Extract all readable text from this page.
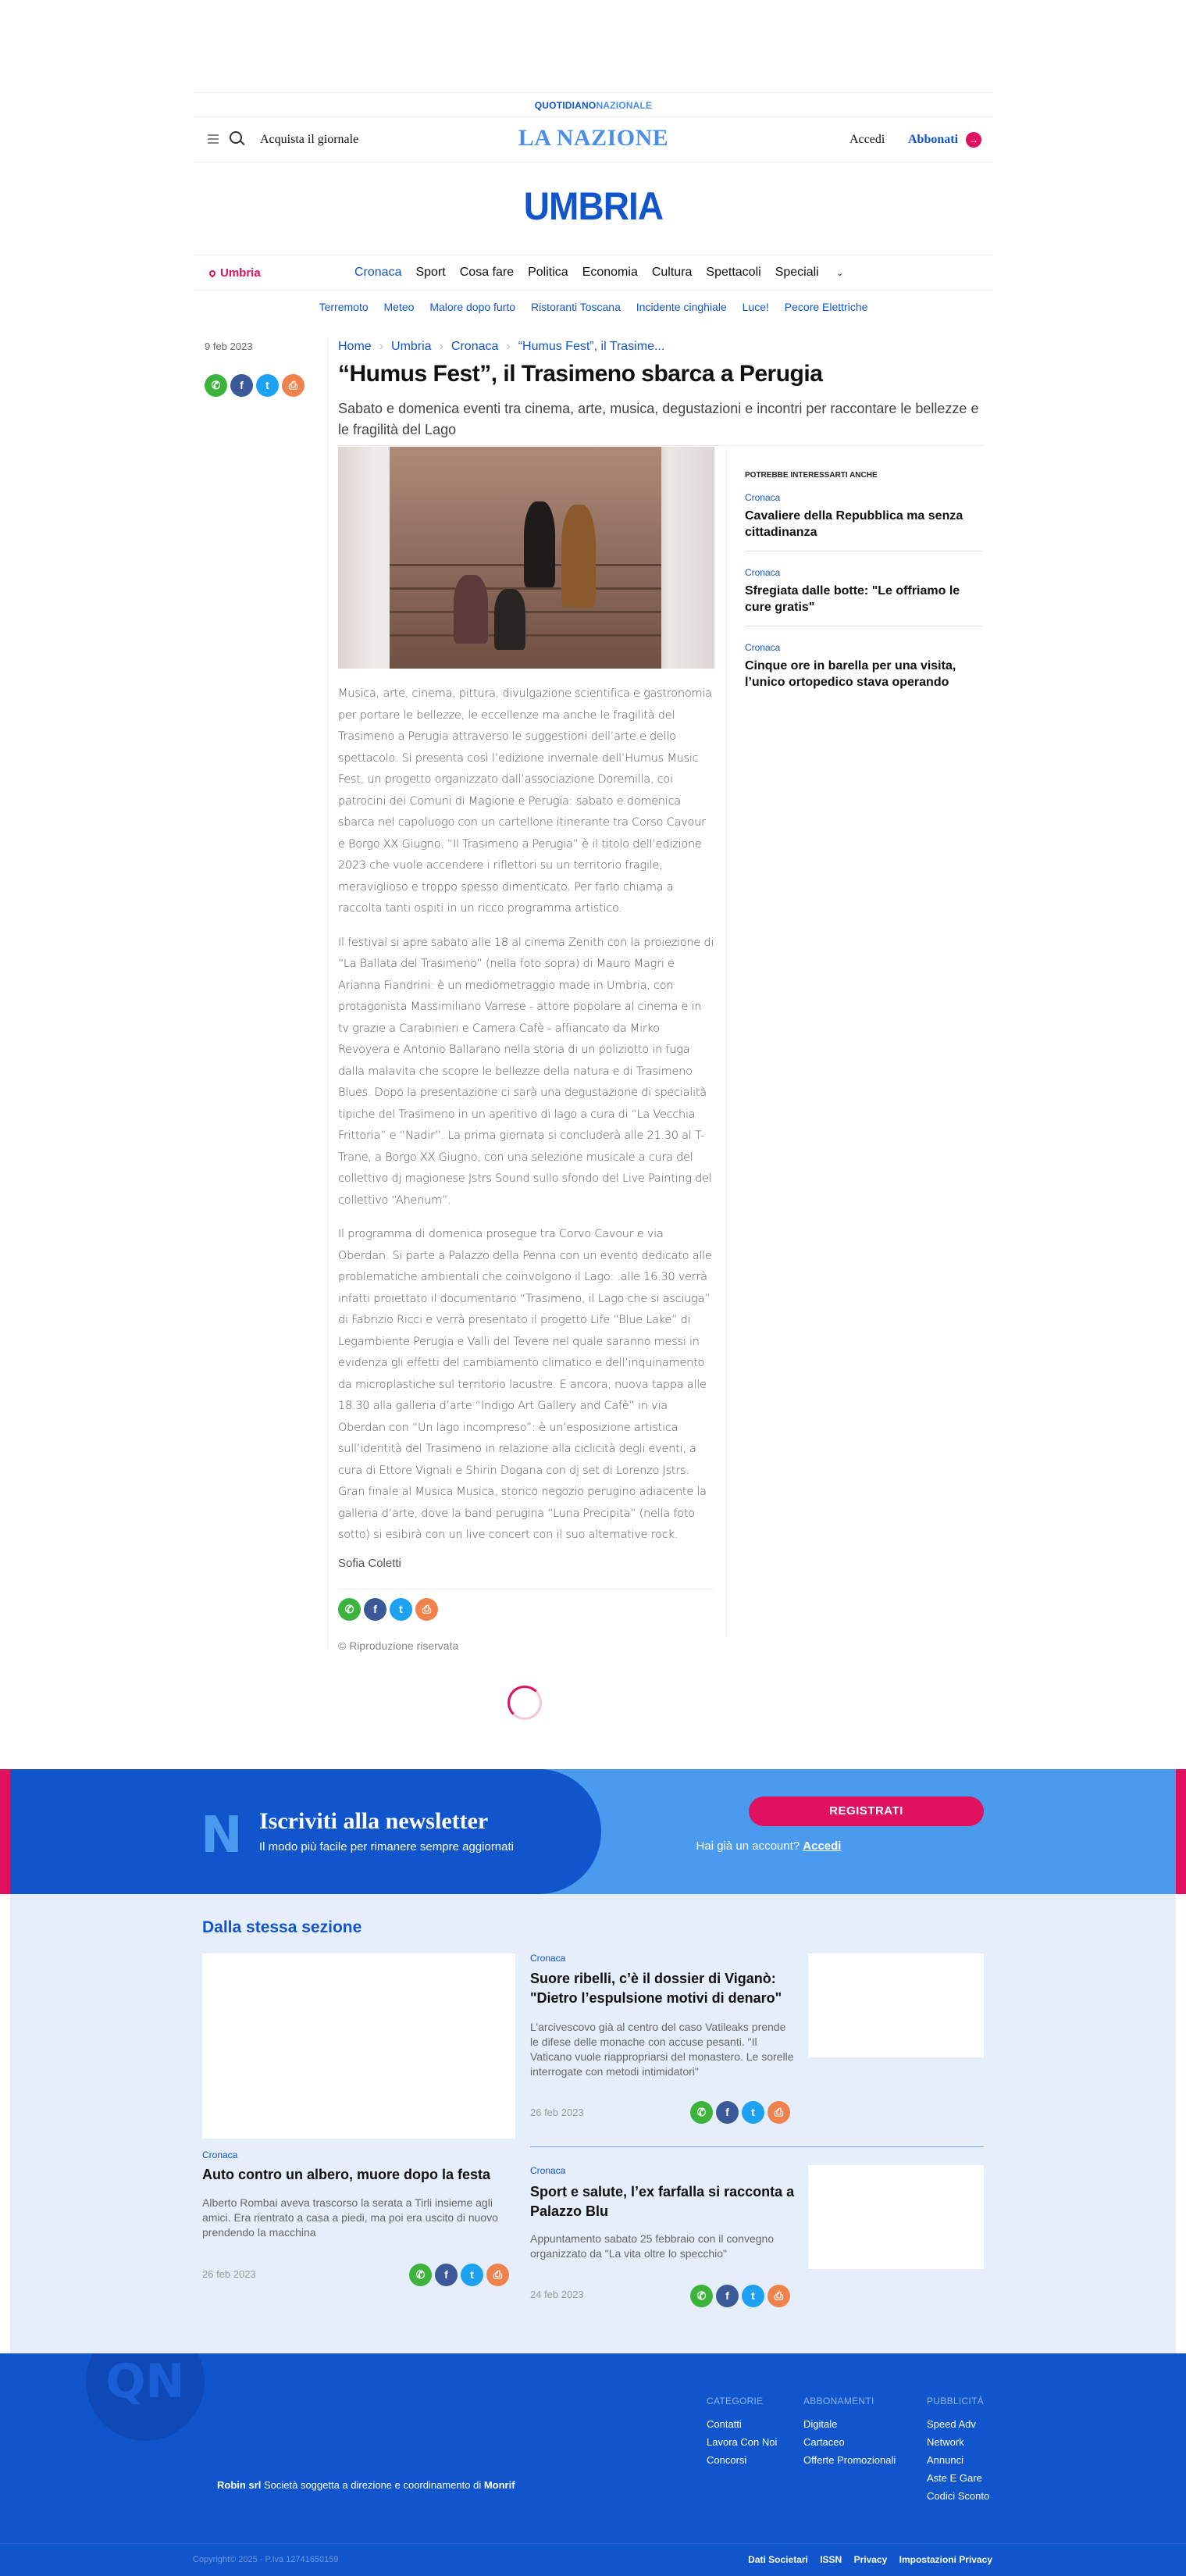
QUOTIDIANONAZIONALE
Acquista il giornale	LA NAZIONE	Accedi Abbonati	→
UMBRIA
Umbria	Cronaca Sport Cosa fare Politica Economia Cultura Spettacoli Speciali ⌄
Terremoto Meteo Malore dopo furto Ristoranti Toscana Incidente cinghiale Luce! Pecore Elettriche
9 feb 2023
✆	f	t	⎙
Home › Umbria › Cronaca › “Humus Fest”, il Trasime...
“Humus Fest”, il Trasimeno sbarca a Perugia
Sabato e domenica eventi tra cinema, arte, musica, degustazioni e incontri per raccontare le bellezze e le fragilità del Lago

Musica, arte, cinema, pittura, divulgazione scientifica e gastronomia per portare le bellezze, le eccellenze ma anche le fragilità del Trasimeno a Perugia attraverso le suggestioni dell’arte e dello spettacolo. Si presenta così l’edizione invernale dell’Humus Music Fest, un progetto organizzato dall’associazione Doremilla, coi patrocini dei Comuni di Magione e Perugia: sabato e domenica sbarca nel capoluogo con un cartellone itinerante tra Corso Cavour e Borgo XX Giugno. “Il Trasimeno a Perugia” è il titolo dell’edizione 2023 che vuole accendere i riflettori su un territorio fragile, meraviglioso e troppo spesso dimenticato. Per farlo chiama a raccolta tanti ospiti in un ricco programma artistico.

Il festival si apre sabato alle 18 al cinema Zenith con la proiezione di “La Ballata del Trasimeno” (nella foto sopra) di Mauro Magri e Arianna Fiandrini: è un mediometraggio made in Umbria, con protagonista Massimiliano Varrese - attore popolare al cinema e in tv grazie a Carabinieri e Camera Cafè - affiancato da Mirko Revoyera e Antonio Ballarano nella storia di un poliziotto in fuga dalla malavita che scopre le bellezze della natura e di Trasimeno Blues. Dopo la presentazione ci sarà una degustazione di specialità tipiche del Trasimeno in un aperitivo di lago a cura di “La Vecchia Frittoria” e “Nadir”. La prima giornata si concluderà alle 21.30 al T-Trane, a Borgo XX Giugno, con una selezione musicale a cura del collettivo dj magionese Jstrs Sound sullo sfondo del Live Painting del collettivo “Ahenum”.

Il programma di domenica prosegue tra Corvo Cavour e via Oberdan. Si parte a Palazzo della Penna con un evento dedicato alle problematiche ambientali che coinvolgono il Lago: .alle 16.30 verrà infatti proiettato il documentario “Trasimeno, il Lago che si asciuga” di Fabrizio Ricci e verrà presentato il progetto Life “Blue Lake” di Legambiente Perugia e Valli del Tevere nel quale saranno messi in evidenza gli effetti del cambiamento climatico e dell’inquinamento da microplastiche sul territorio lacustre. E ancora, nuova tappa alle 18.30 alla galleria d’arte “Indigo Art Gallery and Cafè” in via Oberdan con “Un lago incompreso”: è un’esposizione artistica sull’identità del Trasimeno in relazione alla ciclicità degli eventi, a cura di Ettore Vignali e Shirin Dogana con dj set di Lorenzo Jstrs. Gran finale al Musica Musica, storico negozio perugino adiacente la galleria d’arte, dove la band perugina “Luna Precipita” (nella foto sotto) si esibirà con un live concert con il suo alternative rock.

Sofia Coletti
✆	f	t	⎙
© Riproduzione riservata
POTREBBE INTERESSARTI ANCHE
Cronaca
Cavaliere della Repubblica ma senza cittadinanza
Cronaca
Sfregiata dalle botte: "Le offriamo le cure gratis"
Cronaca
Cinque ore in barella per una visita, l’unico ortopedico stava operando
N Iscriviti alla newsletter
Il modo più facile per rimanere sempre aggiornati
REGISTRATI
Hai già un account? Accedi
Dalla stessa sezione
Cronaca
Auto contro un albero, muore dopo la festa
Alberto Rombai aveva trascorso la serata a Tirli insieme agli amici. Era rientrato a casa a piedi, ma poi era uscito di nuovo prendendo la macchina
26 feb 2023	✆	f	t	⎙
Cronaca
Suore ribelli, c’è il dossier di Viganò: "Dietro l’espulsione motivi di denaro"
L’arcivescovo già al centro del caso Vatileaks prende le difese delle monache con accuse pesanti. "Il Vaticano vuole riappropriarsi del monastero. Le sorelle interrogate con metodi intimidatori"
26 feb 2023	✆	f	t	⎙
Cronaca
Sport e salute, l’ex farfalla si racconta a Palazzo Blu
Appuntamento sabato 25 febbraio con il convegno organizzato da "La vita oltre lo specchio"
24 feb 2023	✆	f	t	⎙
QN	CATEGORIE
Contatti
Lavora Con Noi
Concorsi
ABBONAMENTI
Digitale
Cartaceo
Offerte Promozionali
PUBBLICITÀ
Speed Adv
Network
Annunci
Aste E Gare
Codici Sconto
Robin srl Società soggetta a direzione e coordinamento di Monrif
Copyright© 2025 - P.Iva 12741650159	Dati Societari ISSN Privacy Impostazioni Privacy
